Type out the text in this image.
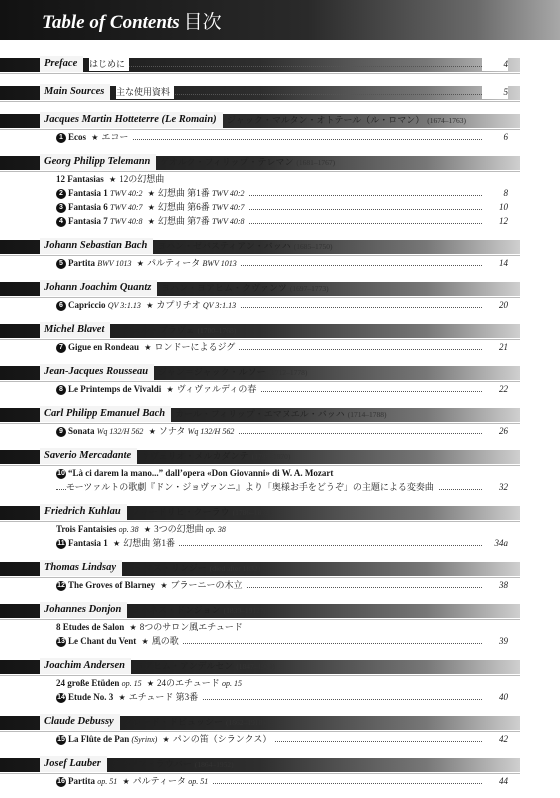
Table of Contents 目次
Preface	はじめに	4
Main Sources	主な使用資料	5
Jacques Martin Hotteterre (Le Romain)	ジャック・マルタン・オトテール（ル・ロマン） (1674–1763)
1 Ecos ★ エコー	6
Georg Philipp Telemann	ゲオルク・フィリップ・テレマン (1681–1767)
12 Fantasias ★ 12の幻想曲
2 Fantasia 1 TWV 40:2 ★ 幻想曲 第1番 TWV 40:2	8
3 Fantasia 6 TWV 40:7 ★ 幻想曲 第6番 TWV 40:7	10
4 Fantasia 7 TWV 40:8 ★ 幻想曲 第7番 TWV 40:8	12
Johann Sebastian Bach	ヨハン・ゼバスティアン・バッハ (1685–1750)
5 Partita BWV 1013 ★ パルティータ BWV 1013	14
Johann Joachim Quantz	ヨハン・ヨアヒム・クヴァンツ (1697–1773)
6 Capriccio QV 3:1.13 ★ カプリチオ QV 3:1.13	20
Michel Blavet	ミシェル・ブラヴェ (1700–1768)
7 Gigue en Rondeau ★ ロンドーによるジグ	21
Jean-Jacques Rousseau	ジャン＝ジャック・ルソー (1712–1778)
8 Le Printemps de Vivaldi ★ ヴィヴァルディの春	22
Carl Philipp Emanuel Bach	カール・フィリップ・エマヌエル・バッハ (1714–1788)
9 Sonata Wq 132/H 562 ★ ソナタ Wq 132/H 562	26
Saverio Mercadante	サヴェリオ・メルカダンテ (1795–1870)
10 “Là ci darem la mano...” dall’opera «Don Giovanni» di W. A. Mozart
モーツァルトの歌劇『ドン・ジョヴァンニ』より「奥様お手をどうぞ」の主題による変奏曲	32
Friedrich Kuhlau	フリードリヒ・クーラウ (1786–1832)
Trois Fantaisies op. 38 ★ 3つの幻想曲 op. 38
11 Fantasia 1 ★ 幻想曲 第1番	34a
Thomas Lindsay	トーマス・リンジー (died after 1832)
12 The Groves of Blarney ★ ブラーニーの木立	38
Johannes Donjon	ヨハネス・ドンジョン (1839–1912?)
8 Etudes de Salon ★ 8つのサロン風エチュード
13 Le Chant du Vent ★ 風の歌	39
Joachim Andersen	ヨアヒム・アンデルセン (1847–1909)
24 große Etüden op. 15 ★ 24のエチュード op. 15
14 Etude No. 3 ★ エチュード 第3番	40
Claude Debussy	クロード・ドビュッシー (1862–1918)
15 La Flûte de Pan (Syrinx) ★ パンの笛（シランクス）	42
Josef Lauber	ヨーゼフ・ラウバー (1864–1952)
16 Partita op. 51 ★ パルティータ op. 51	44
